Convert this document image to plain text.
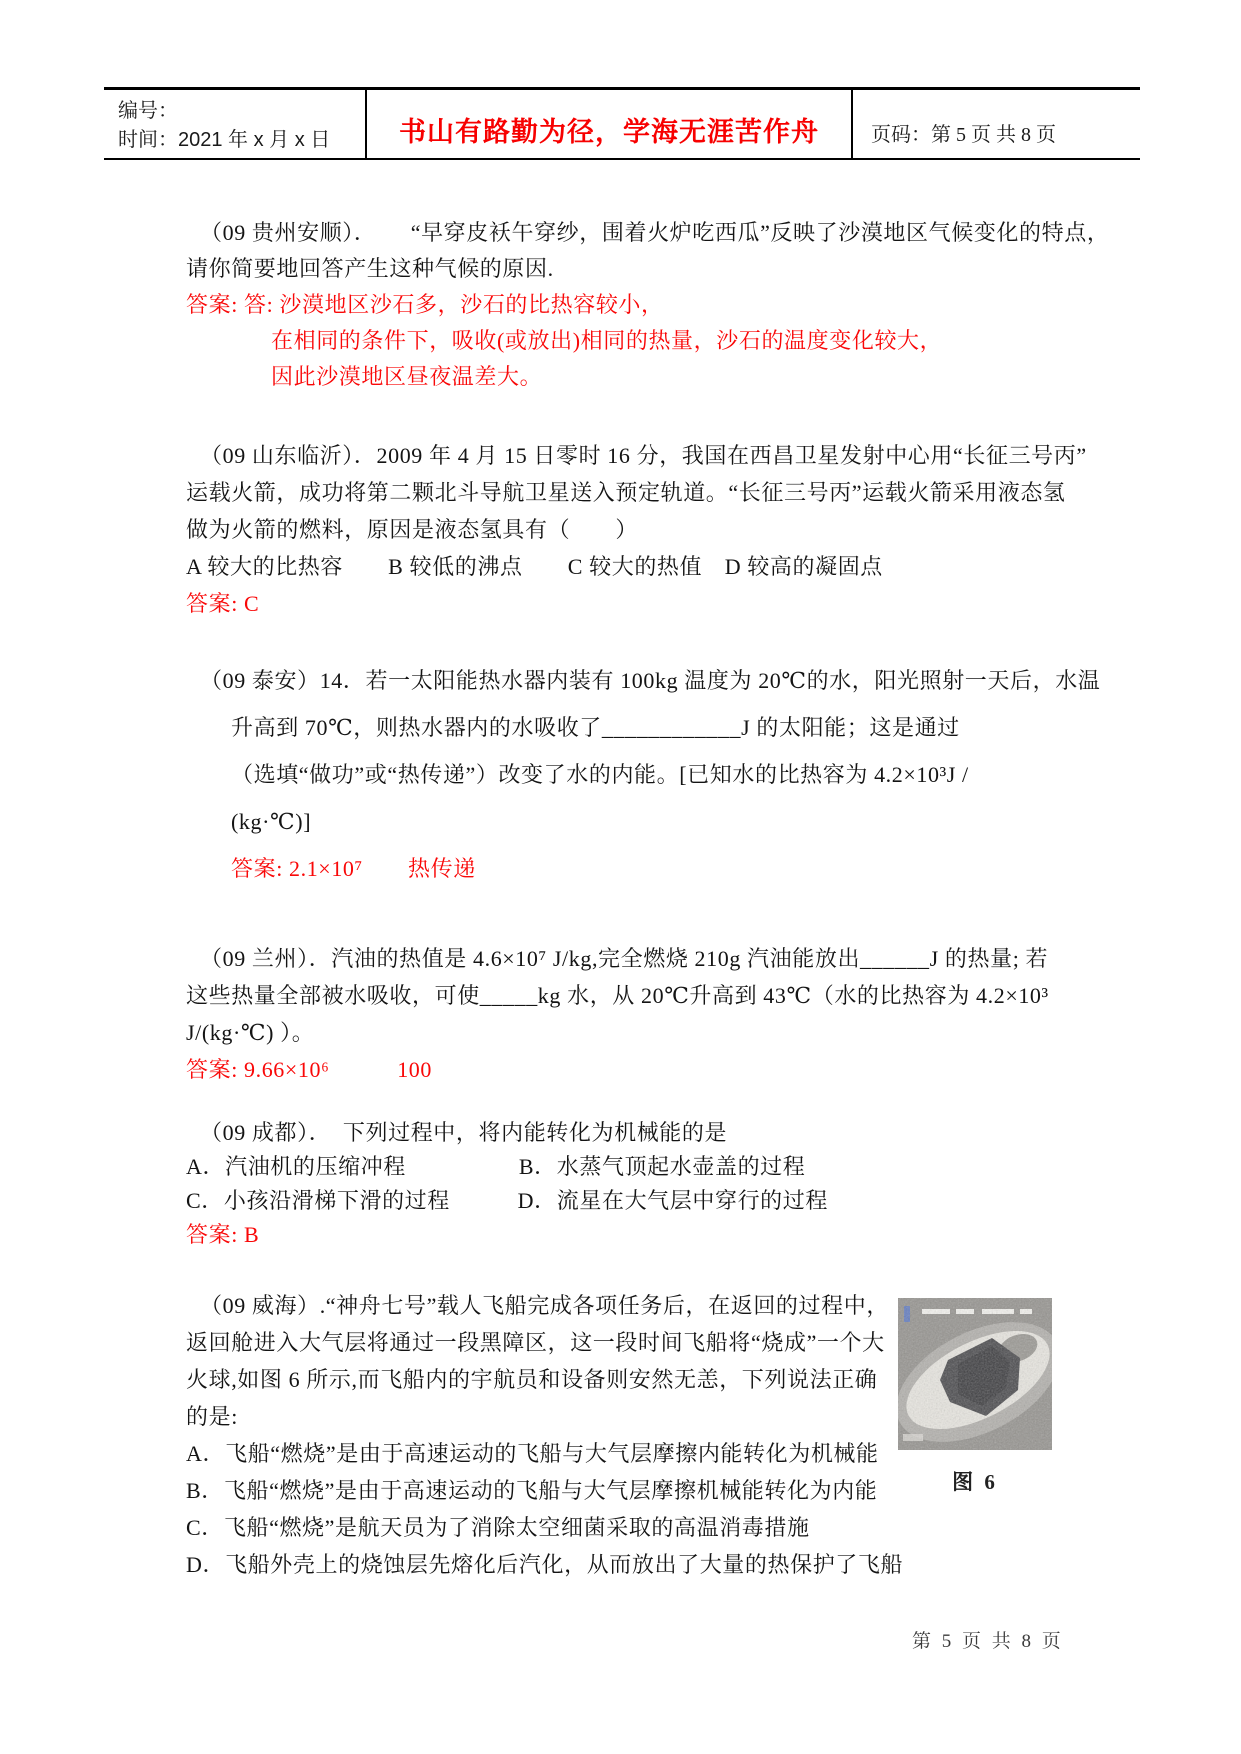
编号：
时间：2021 年 x 月 x 日	书山有路勤为径，学海无涯苦作舟	页码：第 5 页 共 8 页
（09 贵州安顺）．　　“早穿皮袄午穿纱，围着火炉吃西瓜”反映了沙漠地区气候变化的特点，
请你简要地回答产生这种气候的原因.
答案: 答: 沙漠地区沙石多，沙石的比热容较小，
在相同的条件下，吸收(或放出)相同的热量，沙石的温度变化较大，
因此沙漠地区昼夜温差大。
（09 山东临沂）．2009 年 4 月 15 日零时 16 分，我国在西昌卫星发射中心用“长征三号丙”
运载火箭，成功将第二颗北斗导航卫星送入预定轨道。“长征三号丙”运载火箭采用液态氢
做为火箭的燃料，原因是液态氢具有（　　）
A 较大的比热容　　B 较低的沸点　　C 较大的热值　D 较高的凝固点
答案: C
（09 泰安）14．若一太阳能热水器内装有 100kg 温度为 20℃的水，阳光照射一天后，水温
升高到 70℃，则热水器内的水吸收了____________J 的太阳能；这是通过
（选填“做功”或“热传递”）改变了水的内能。[已知水的比热容为 4.2×10³J /
(kg·℃)]
答案: 2.1×10⁷　　热传递
（09 兰州）．汽油的热值是 4.6×10⁷ J/kg,完全燃烧 210g 汽油能放出______J 的热量; 若
这些热量全部被水吸收，可使_____kg 水，从 20℃升高到 43℃（水的比热容为 4.2×10³
J/(kg·℃) ）。
答案: 9.66×10⁶　　　100
（09 成都）．　下列过程中，将内能转化为机械能的是
A．汽油机的压缩冲程　　　　　B．水蒸气顶起水壶盖的过程
C．小孩沿滑梯下滑的过程　　　D．流星在大气层中穿行的过程
答案: B
（09 威海）.“神舟七号”载人飞船完成各项任务后，在返回的过程中，
返回舱进入大气层将通过一段黑障区，这一段时间飞船将“烧成”一个大
火球,如图 6 所示,而飞船内的宇航员和设备则安然无恙，下列说法正确
的是:
A．飞船“燃烧”是由于高速运动的飞船与大气层摩擦内能转化为机械能
B．飞船“燃烧”是由于高速运动的飞船与大气层摩擦机械能转化为内能
C．飞船“燃烧”是航天员为了消除太空细菌采取的高温消毒措施
D．飞船外壳上的烧蚀层先熔化后汽化，从而放出了大量的热保护了飞船
图 6
第 5 页 共 8 页
